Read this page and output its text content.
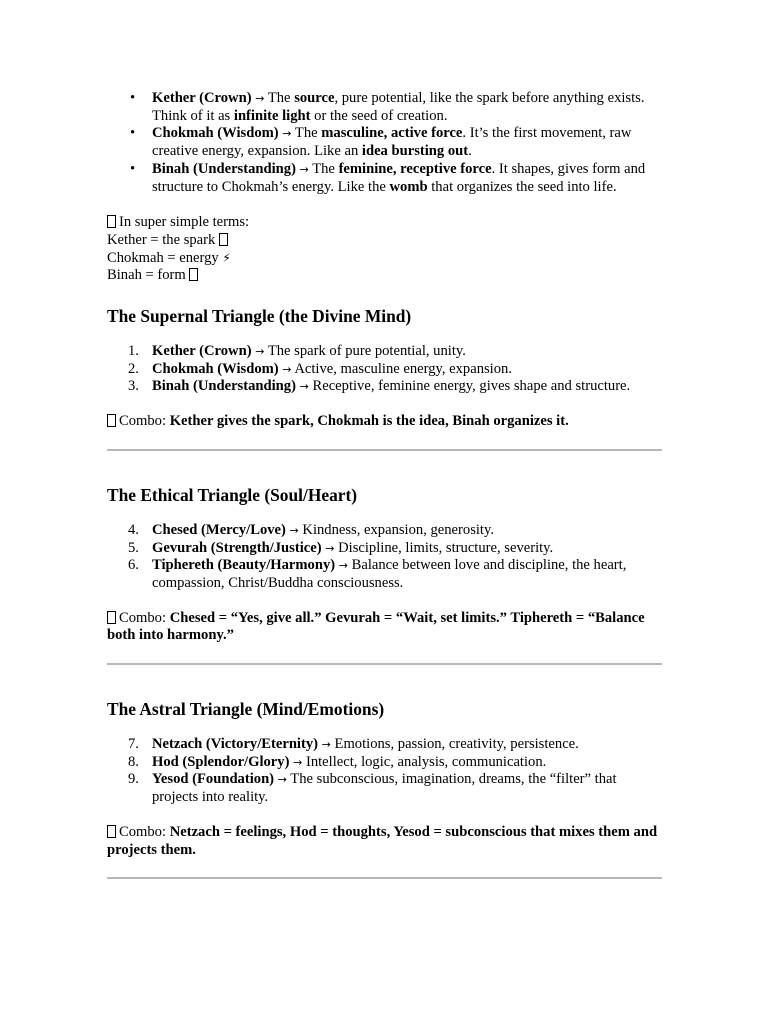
• Kether (Crown) → The source, pure potential, like the spark before anything exists. Think of it as infinite light or the seed of creation.
• Chokmah (Wisdom) → The masculine, active force. It’s the first movement, raw creative energy, expansion. Like an idea bursting out.
• Binah (Understanding) → The feminine, receptive force. It shapes, gives form and structure to Chokmah’s energy. Like the womb that organizes the seed into life.

In super simple terms:

Kether = the spark

Chokmah = energy ⚡

Binah = form

The Supernal Triangle (the Divine Mind)
1. Kether (Crown) → The spark of pure potential, unity.
2. Chokmah (Wisdom) → Active, masculine energy, expansion.
3. Binah (Understanding) → Receptive, feminine energy, gives shape and structure.

Combo: Kether gives the spark, Chokmah is the idea, Binah organizes it.

The Ethical Triangle (Soul/Heart)
4. Chesed (Mercy/Love) → Kindness, expansion, generosity.
5. Gevurah (Strength/Justice) → Discipline, limits, structure, severity.
6. Tiphereth (Beauty/Harmony) → Balance between love and discipline, the heart, compassion, Christ/Buddha consciousness.

Combo: Chesed = “Yes, give all.” Gevurah = “Wait, set limits.” Tiphereth = “Balance both into harmony.”

The Astral Triangle (Mind/Emotions)
7. Netzach (Victory/Eternity) → Emotions, passion, creativity, persistence.
8. Hod (Splendor/Glory) → Intellect, logic, analysis, communication.
9. Yesod (Foundation) → The subconscious, imagination, dreams, the “filter” that projects into reality.

Combo: Netzach = feelings, Hod = thoughts, Yesod = subconscious that mixes them and projects them.
